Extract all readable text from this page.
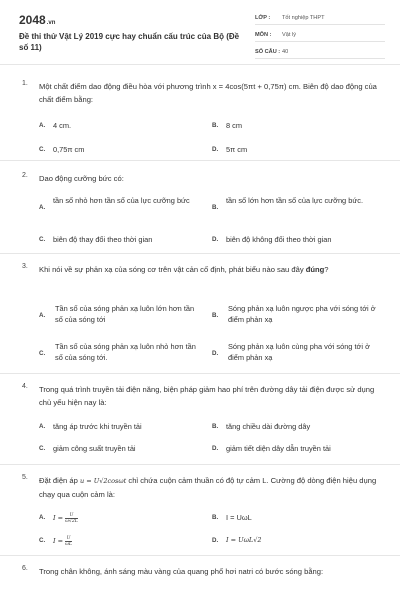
2048.vn
Đề thi thử Vật Lý 2019 cực hay chuẩn cấu trúc của Bộ (Đề số 11)
LỚP : Tốt nghiệp THPT
MÔN : Vật lý
SỐ CÂU : 40
1. Một chất điểm dao động điều hòa với phương trình x = 4cos(5πt + 0,75π) cm. Biên độ dao động của chất điểm bằng:
A. 4 cm.	B. 8 cm
C. 0,75π cm	D. 5π cm
2. Dao động cưỡng bức có:
A.
tần số nhỏ hơn tần số của lực cưỡng bức
B.
tần số lớn hơn tần số của lực cưỡng bức.
C. biên độ thay đổi theo thời gian	D. biên độ không đổi theo thời gian
3. Khi nói về sự phản xạ của sóng cơ trên vật cản cố định, phát biểu nào sau đây đúng?
A.
Tần số của sóng phản xạ luôn lớn hơn tần số của sóng tới	B.
Sóng phản xạ luôn ngược pha với sóng tới ở điểm phản xạ
C.
Tần số của sóng phản xạ luôn nhỏ hơn tần số của sóng tới.	D.
Sóng phản xạ luôn cùng pha với sóng tới ở điểm phản xạ
4. Trong quá trình truyền tải điện năng, biện pháp giảm hao phí trên đường dây tải điện được sử dụng chủ yếu hiện nay là:
A. tăng áp trước khi truyền tải	B. tăng chiều dài đường dây
C. giảm công suất truyền tải	D. giảm tiết diện dây dẫn truyền tải
5. Đặt điện áp u = U√2cosωt chỉ chứa cuộn cảm thuần có độ tự cảm L. Cường độ dòng điện hiệu dụng chạy qua cuộn cảm là:
A. $I = \frac{U}{\omega√2L}$	B. I = UωL
C. $I = \frac{U}{\omega L}$	D. I = UωL√2
6. Trong chân không, ánh sáng màu vàng của quang phổ hơi natri có bước sóng bằng:
